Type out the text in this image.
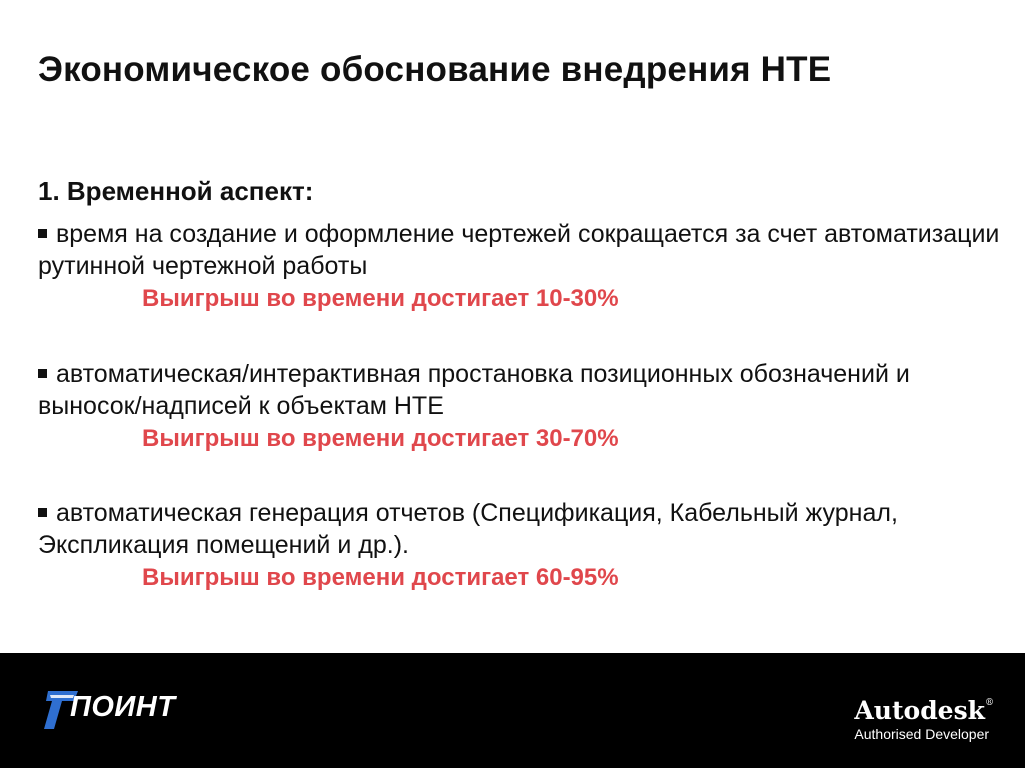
Экономическое обоснование внедрения НТЕ
1. Временной аспект:
время на создание и оформление чертежей сокращается за счет автоматизации рутинной чертежной работы
Выигрыш во времени достигает 10-30%
автоматическая/интерактивная простановка позиционных обозначений и выносок/надписей к объектам НТЕ
Выигрыш во времени достигает 30-70%
автоматическая генерация отчетов (Спецификация, Кабельный журнал, Экспликация помещений и др.).
Выигрыш во времени достигает 60-95%
ПОИНТ	Autodesk®
Authorised Developer
